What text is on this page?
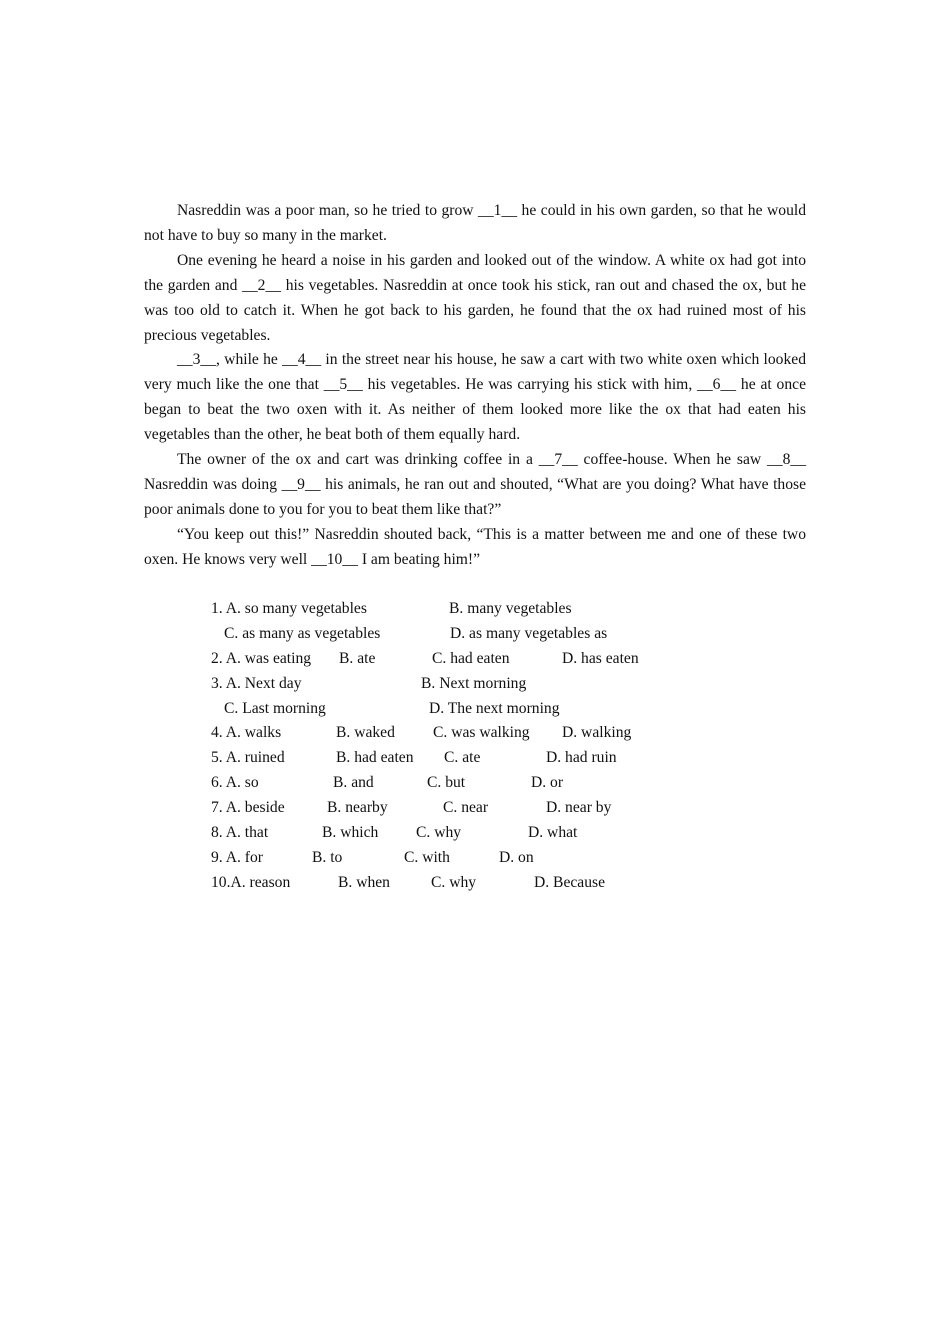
Nasreddin was a poor man, so he tried to grow __1__ he could in his own garden, so that he would not have to buy so many in the market.

One evening he heard a noise in his garden and looked out of the window. A white ox had got into the garden and __2__ his vegetables. Nasreddin at once took his stick, ran out and chased the ox, but he was too old to catch it. When he got back to his garden, he found that the ox had ruined most of his precious vegetables.

__3__, while he __4__ in the street near his house, he saw a cart with two white oxen which looked very much like the one that __5__ his vegetables. He was carrying his stick with him, __6__ he at once began to beat the two oxen with it. As neither of them looked more like the ox that had eaten his vegetables than the other, he beat both of them equally hard.

The owner of the ox and cart was drinking coffee in a __7__ coffee-house. When he saw __8__ Nasreddin was doing __9__ his animals, he ran out and shouted, “What are you doing? What have those poor animals done to you for you to beat them like that?”

“You keep out this!” Nasreddin shouted back, “This is a matter between me and one of these two oxen. He knows very well __10__ I am beating him!”

1. A. so many vegetables	B. many vegetables
C. as many as vegetables	D. as many vegetables as
2. A. was eating B. ate	C. had eaten	D. has eaten
3. A. Next day	B. Next morning
C. Last morning	D. The next morning
4. A. walks	B. waked C. was walking D. walking
5. A. ruined	B. had eaten C. ate	D. had ruin
6. A. so	B. and	C. but	D. or
7. A. beside	B. nearby	C. near	D. near by
8. A. that	B. which C. why	D. what
9. A. for	B. to	C. with	D. on
10.A. reason	B. when	C. why	D. Because
